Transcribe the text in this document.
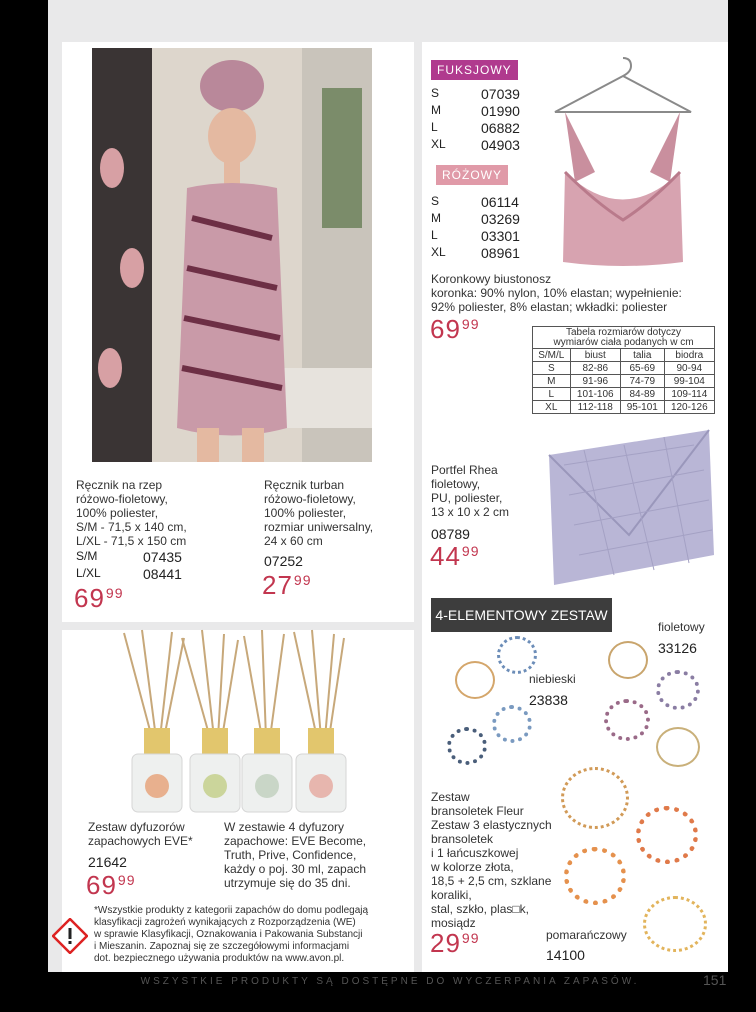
Ręcznik na rzep
różowo-fioletowy,
100% poliester,
S/M - 71,5 x 140 cm,
L/XL - 71,5 x 150 cm
S/M	07435
L/XL	08441
$69^{99}$
Ręcznik turban
różowo-fioletowy,
100% poliester,
rozmiar uniwersalny,
24 x 60 cm
07252
$27^{99}$
FUKSJOWY
S	07039
M	01990
L	06882
XL	04903
RÓŻOWY
S	06114
M	03269
L	03301
XL	08961
Koronkowy biustonosz
koronka: 90% nylon, 10% elastan; wypełnienie:
92% poliester, 8% elastan; wkładki: poliester
$69^{99}$	Tabela rozmiarów dotyczy
wymiarów ciała podanych w cm			
S/M/L	biust	talia	biodra
S	82-86	65-69	90-94
M	91-96	74-79	99-104
L	101-106	84-89	109-114
XL	112-118	95-101	120-126
Portfel Rhea
fioletowy,
PU, poliester,
13 x 10 x 2 cm
08789
$44^{99}$
4-ELEMENTOWY ZESTAW
fioletowy
33126
niebieski
23838
Zestaw
bransoletek Fleur
Zestaw 3 elastycznych
bransoletek
i 1 łańcuszkowej
w kolorze złota,
18,5 + 2,5 cm, szklane
koraliki,
stal, szkło, plas□k,
mosiądz
$29^{99}$	pomarańczowy
14100
Zestaw dyfuzorów
zapachowych EVE*
21642
$69^{99}$
W zestawie 4 dyfuzory
zapachowe: EVE Become,
Truth, Prive, Confidence,
każdy o poj. 30 ml, zapach
utrzymuje się do 35 dni.
*Wszystkie produkty z kategorii zapachów do domu podlegają
klasyfikacji zagrożeń wynikających z Rozporządzenia (WE)
w sprawie Klasyfikacji, Oznakowania i Pakowania Substancji
i Mieszanin. Zapoznaj się ze szczegółowymi informacjami
dot. bezpiecznego używania produktów na www.avon.pl.
WSZYSTKIE PRODUKTY SĄ DOSTĘPNE DO WYCZERPANIA ZAPASÓW.	151
